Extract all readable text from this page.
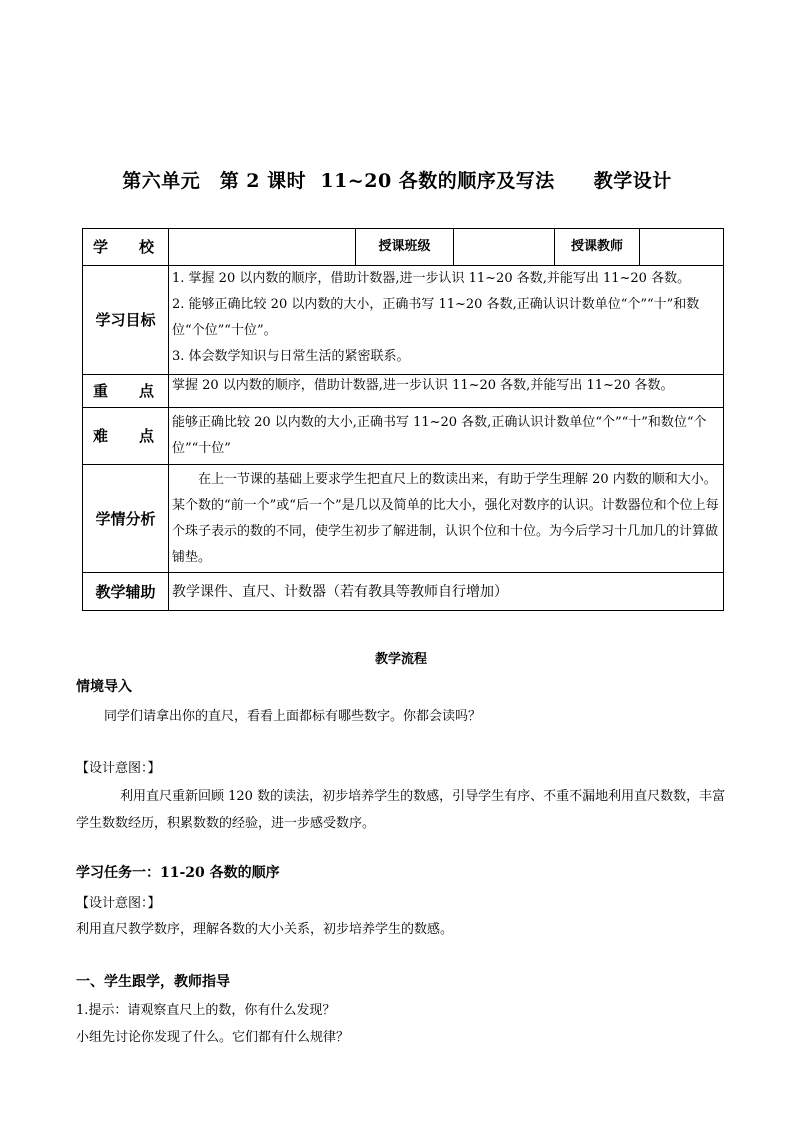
第六单元　第 2 课时  11~20 各数的顺序及写法　　教学设计
学　　校		授课班级		授课教师	
学习目标	1. 掌握 20 以内数的顺序，借助计数器,进一步认识 11~20 各数,并能写出 11~20 各数。
2. 能够正确比较 20 以内数的大小，正确书写 11~20 各数,正确认识计数单位“个”“十”和数位“个位”“十位”。
3. 体会数学知识与日常生活的紧密联系。				

重　　点	掌握 20 以内数的顺序，借助计数器,进一步认识 11~20 各数,并能写出 11~20 各数。				
难　　点	能够正确比较 20 以内数的大小,正确书写 11~20 各数,正确认识计数单位“个”“十”和数位“个位”“十位”				
学情分析	在上一节课的基础上要求学生把直尺上的数读出来，有助于学生理解 20 内数的顺和大小。某个数的“前一个”或“后一个”是几以及简单的比大小，强化对数序的认识。计数器位和个位上每个珠子表示的数的不同，使学生初步了解进制，认识个位和十位。为今后学习十几加几的计算做铺垫。				
教学辅助	教学课件、直尺、计数器（若有教具等教师自行增加）				
教学流程
情境导入
同学们请拿出你的直尺，看看上面都标有哪些数字。你都会读吗？
【设计意图：】
利用直尺重新回顾 120 数的读法，初步培养学生的数感，引导学生有序、不重不漏地利用直尺数数，丰富学生数数经历，积累数数的经验，进一步感受数序。
学习任务一：11-20 各数的顺序
【设计意图：】
利用直尺教学数序，理解各数的大小关系，初步培养学生的数感。
一、学生跟学，教师指导
1.提示：请观察直尺上的数，你有什么发现？
小组先讨论你发现了什么。它们都有什么规律？
